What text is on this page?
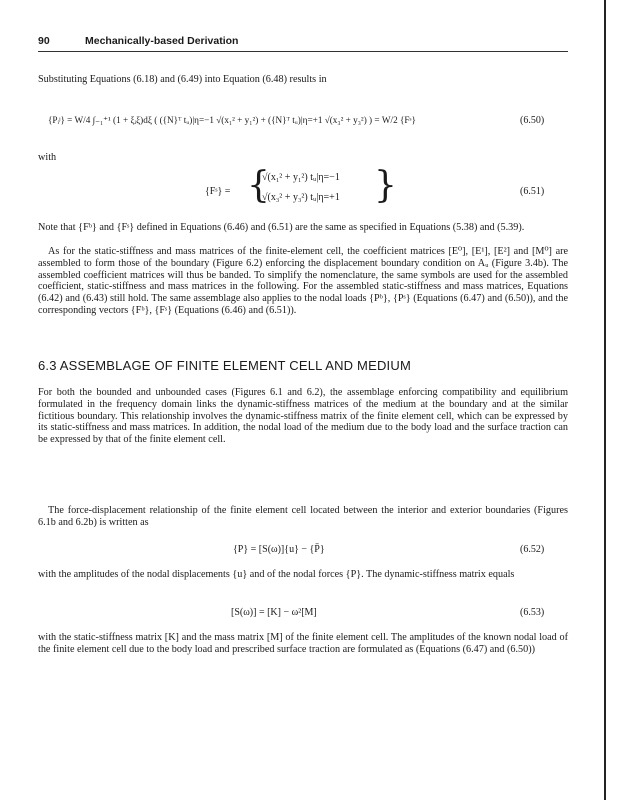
90	Mechanically-based Derivation

Substituting Equations (6.18) and (6.49) into Equation (6.48) results in

{Pᵢʲ} = W/4 ∫₋₁⁺¹ (1 + ξᵢξ)dξ ( ({N}ᵀ tᵤ)|η=−1 √(x₁² + y₁²) + ({N}ᵀ tᵤ)|η=+1 √(x₃² + y₃²) ) = W/2 {Fˢ}	(6.50)
with
{Fˢ} = {
√(x₁² + y₁²) tᵤ|η=−1
√(x₃² + y₃²) tᵤ|η=+1 }	(6.51)

Note that {Fᵇ} and {Fˢ} defined in Equations (6.46) and (6.51) are the same as specified in Equations (5.38) and (5.39).

As for the static-stiffness and mass matrices of the finite-element cell, the coefficient matrices [E⁰], [E¹], [E²] and [M⁰] are assembled to form those of the boundary (Figure 6.2) enforcing the displacement boundary condition on Aᵤ (Figure 3.4b). The assembled coefficient matrices will thus be banded. To simplify the nomenclature, the same symbols are used for the assembled coefficient, static-stiffness and mass matrices in the following. For the assembled static-stiffness and mass matrices, Equations (6.42) and (6.43) still hold. The same assemblage also applies to the nodal loads {Pᵇ}, {Pˢ} (Equations (6.47) and (6.50)), and the corresponding vectors {Fᵇ}, {Fˢ} (Equations (6.46) and (6.51)).

6.3 ASSEMBLAGE OF FINITE ELEMENT CELL AND MEDIUM

For both the bounded and unbounded cases (Figures 6.1 and 6.2), the assemblage enforcing compatibility and equilibrium formulated in the frequency domain links the dynamic-stiffness matrices of the medium at the boundary and at the similar fictitious boundary. This relationship involves the dynamic-stiffness matrix of the finite element cell, which can be expressed by its static-stiffness and mass matrices. In addition, the nodal load of the medium due to the body load and the surface traction can be expressed by that of the finite element cell.

The force-displacement relationship of the finite element cell located between the interior and exterior boundaries (Figures 6.1b and 6.2b) is written as

{P} = [S(ω)]{u} − {P̄}	(6.52)

with the amplitudes of the nodal displacements {u} and of the nodal forces {P}. The dynamic-stiffness matrix equals

[S(ω)] = [K] − ω²[M]	(6.53)

with the static-stiffness matrix [K] and the mass matrix [M] of the finite element cell. The amplitudes of the known nodal load of the finite element cell due to the body load and prescribed surface traction are formulated as (Equations (6.47) and (6.50))
